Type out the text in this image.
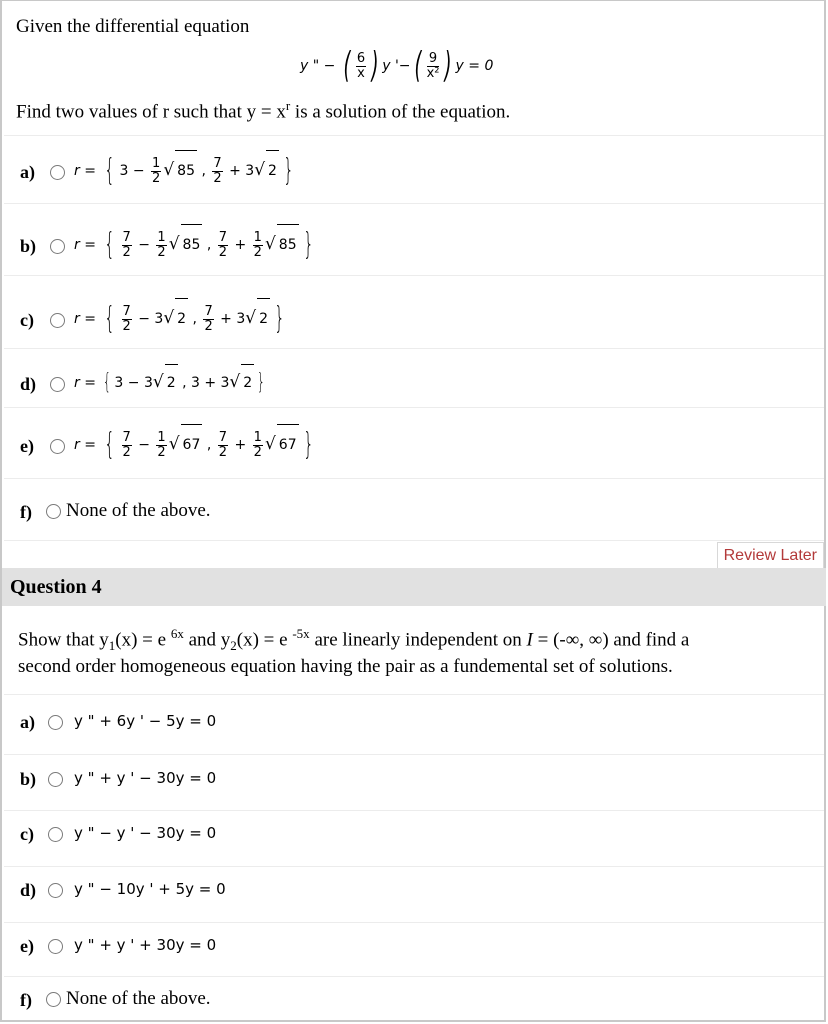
Given the differential equation
y " − ( $\frac{6}{x}$ ) y '−( $\frac{9}{\text{x²}}$ ) y = 0
Find two values of r such that $y = x^r$ is a solution of the equation.
a)	r = { $3 - \frac{1}{2}$ √ 85 , $\frac{7}{2} + 3√$ 2 }
b)	r = { $\frac{7}{2} - \frac{1}{2}$ √ 85 , $\frac{7}{2} + \frac{1}{2}$ √ 85 }
c)	r = { $\frac{7}{2} - 3√$ 2 , $\frac{7}{2} + 3√$ 2 }
d)	r = { 3 − 3√ 2 , 3 + 3√ 2 }
e)	r = { $\frac{7}{2} - \frac{1}{2}$ √ 67 , $\frac{7}{2} + \frac{1}{2}$ √ 67 }
f) None of the above.
Review Later
Question 4
Show that $y_1(x) = e$ $^{6x}$ and $y_2(x) = e$ $^{-5x}$ are linearly independent on I = (-∞, ∞) and find a
second order homogeneous equation having the pair as a fundemental set of solutions.
a)	y " + 6y ' − 5y = 0
b)	y " + y ' − 30y = 0
c)	y " − y ' − 30y = 0
d)	y " − 10y ' + 5y = 0
e)	y " + y ' + 30y = 0
f) None of the above.
